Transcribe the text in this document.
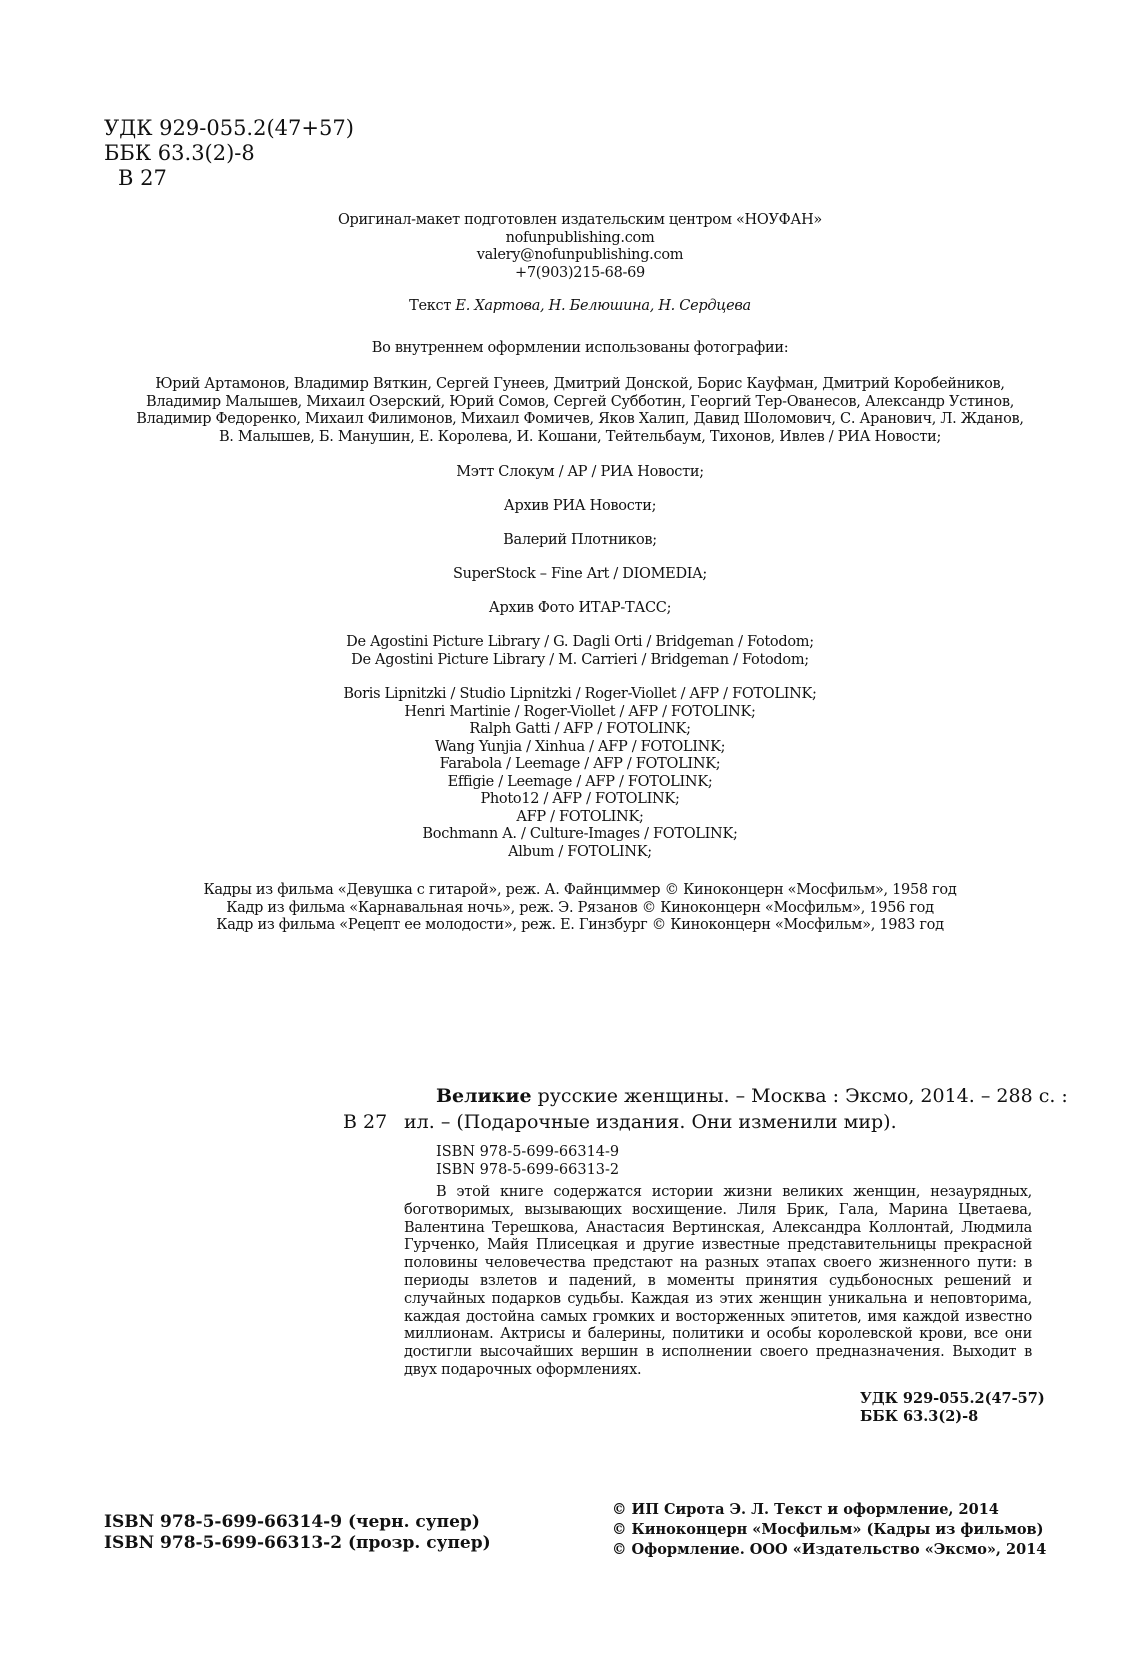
УДК 929-055.2(47+57)
ББК 63.3(2)-8
В 27
Оригинал-макет подготовлен издательским центром «НОУФАН»
nofunpublishing.com
valery@nofunpublishing.com
+7(903)215-68-69
Текст Е. Хартова, Н. Белюшина, Н. Сердцева
Во внутреннем оформлении использованы фотографии:
Юрий Артамонов, Владимир Вяткин, Сергей Гунеев, Дмитрий Донской, Борис Кауфман, Дмитрий Коробейников,
Владимир Малышев, Михаил Озерский, Юрий Сомов, Сергей Субботин, Георгий Тер-Ованесов, Александр Устинов,
Владимир Федоренко, Михаил Филимонов, Михаил Фомичев, Яков Халип, Давид Шоломович, С. Аранович, Л. Жданов,
В. Малышев, Б. Манушин, Е. Королева, И. Кошани, Тейтельбаум, Тихонов, Ивлев / РИА Новости;
Мэтт Слокум / AP / РИА Новости;
Архив РИА Новости;
Валерий Плотников;
SuperStock – Fine Art / DIOMEDIA;
Архив Фото ИТАР-ТАСС;
De Agostini Picture Library / G. Dagli Orti / Bridgeman / Fotodom;
De Agostini Picture Library / M. Carrieri / Bridgeman / Fotodom;
Boris Lipnitzki / Studio Lipnitzki / Roger-Viollet / AFP / FOTOLINK;
Henri Martinie / Roger-Viollet / AFP / FOTOLINK;
Ralph Gatti / AFP / FOTOLINK;
Wang Yunjia / Xinhua / AFP / FOTOLINK;
Farabola / Leemage / AFP / FOTOLINK;
Effigie / Leemage / AFP / FOTOLINK;
Photo12 / AFP / FOTOLINK;
AFP / FOTOLINK;
Bochmann A. / Culture-Images / FOTOLINK;
Album / FOTOLINK;
Кадры из фильма «Девушка с гитарой», реж. А. Файнциммер © Киноконцерн «Мосфильм», 1958 год
Кадр из фильма «Карнавальная ночь», реж. Э. Рязанов © Киноконцерн «Мосфильм», 1956 год
Кадр из фильма «Рецепт ее молодости», реж. Е. Гинзбург © Киноконцерн «Мосфильм», 1983 год
Великие русские женщины. – Москва : Эксмо, 2014. – 288 с. :
В 27 ил. – (Подарочные издания. Они изменили мир).
ISBN 978-5-699-66314-9
ISBN 978-5-699-66313-2
В этой книге содержатся истории жизни великих женщин, незаурядных, боготворимых, вызывающих восхищение. Лиля Брик, Гала, Марина Цветаева, Валентина Терешкова, Анастасия Вертинская, Александра Коллонтай, Людмила Гурченко, Майя Плисецкая и другие известные представительницы прекрасной половины человечества предстают на разных этапах своего жизненного пути: в периоды взлетов и падений, в моменты принятия судьбоносных решений и случайных подарков судьбы. Каждая из этих женщин уникальна и неповторима, каждая достойна самых громких и восторженных эпитетов, имя каждой известно миллионам. Актрисы и балерины, политики и особы королевской крови, все они достигли высочайших вершин в исполнении своего предназначения. Выходит в двух подарочных оформлениях.
УДК 929-055.2(47-57)
ББК 63.3(2)-8
ISBN 978-5-699-66314-9 (черн. супер)
ISBN 978-5-699-66313-2 (прозр. супер)
© ИП Сирота Э. Л. Текст и оформление, 2014
© Киноконцерн «Мосфильм» (Кадры из фильмов)
© Оформление. ООО «Издательство «Эксмо», 2014
